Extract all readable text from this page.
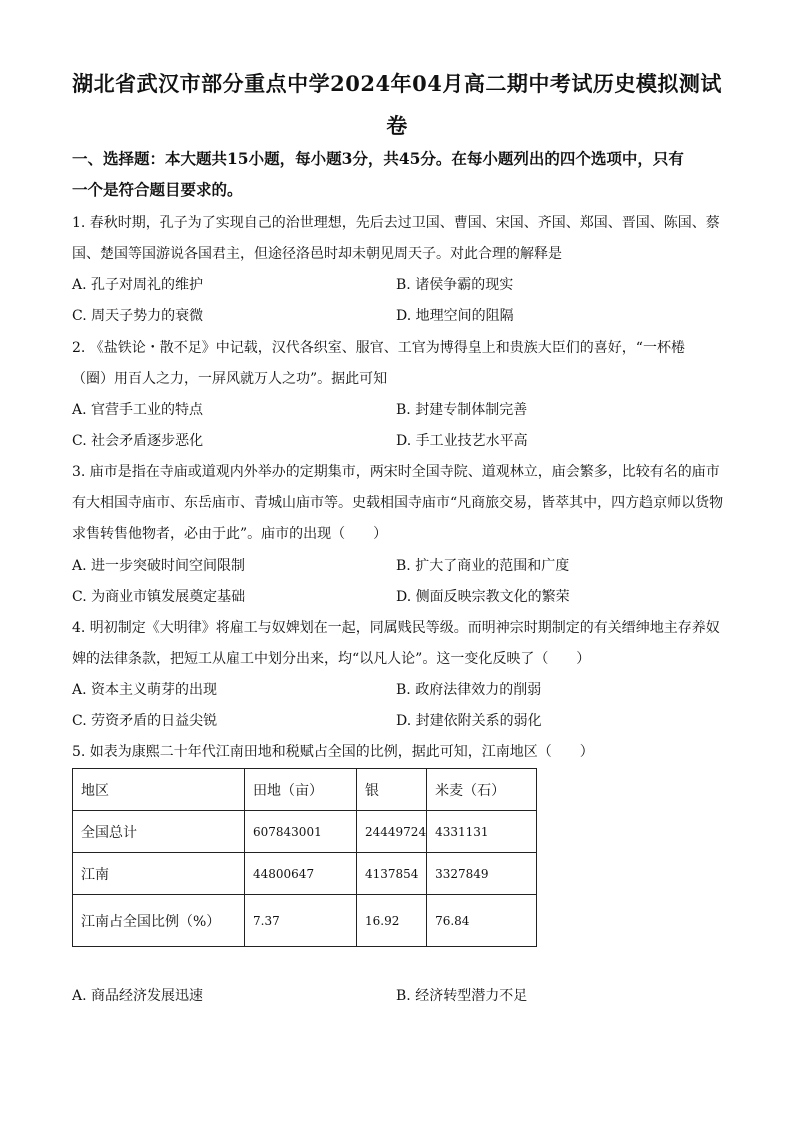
湖北省武汉市部分重点中学2024年04月高二期中考试历史模拟测试
卷
一、选择题：本大题共15小题，每小题3分，共45分。在每小题列出的四个选项中，只有
一个是符合题目要求的。
1. 春秋时期，孔子为了实现自己的治世理想，先后去过卫国、曹国、宋国、齐国、郑国、晋国、陈国、蔡
国、楚国等国游说各国君主，但途径洛邑时却未朝见周天子。对此合理的解释是
A. 孔子对周礼的维护	B. 诸侯争霸的现实
C. 周天子势力的衰微	D. 地理空间的阻隔
2. 《盐铁论・散不足》中记载，汉代各织室、服官、工官为博得皇上和贵族大臣们的喜好，“一杯棬
（圈）用百人之力，一屏风就万人之功”。据此可知
A. 官营手工业的特点	B. 封建专制体制完善
C. 社会矛盾逐步恶化	D. 手工业技艺水平高
3. 庙市是指在寺庙或道观内外举办的定期集市，两宋时全国寺院、道观林立，庙会繁多，比较有名的庙市
有大相国寺庙市、东岳庙市、青城山庙市等。史载相国寺庙市“凡商旅交易，皆萃其中，四方趋京师以货物
求售转售他物者，必由于此”。庙市的出现（　　）
A. 进一步突破时间空间限制	B. 扩大了商业的范围和广度
C. 为商业市镇发展奠定基础	D. 侧面反映宗教文化的繁荣
4. 明初制定《大明律》将雇工与奴婢划在一起，同属贱民等级。而明神宗时期制定的有关缙绅地主存养奴
婢的法律条款，把短工从雇工中划分出来，均“以凡人论”。这一变化反映了（　　）
A. 资本主义萌芽的出现	B. 政府法律效力的削弱
C. 劳资矛盾的日益尖锐	D. 封建依附关系的弱化
5. 如表为康熙二十年代江南田地和税赋占全国的比例，据此可知，江南地区（　　）
地区	田地（亩）	银	米麦（石）
全国总计	607843001	24449724	4331131
江南	44800647	4137854	3327849
江南占全国比例（%）	7.37	16.92	76.84
A. 商品经济发展迅速	B. 经济转型潜力不足
